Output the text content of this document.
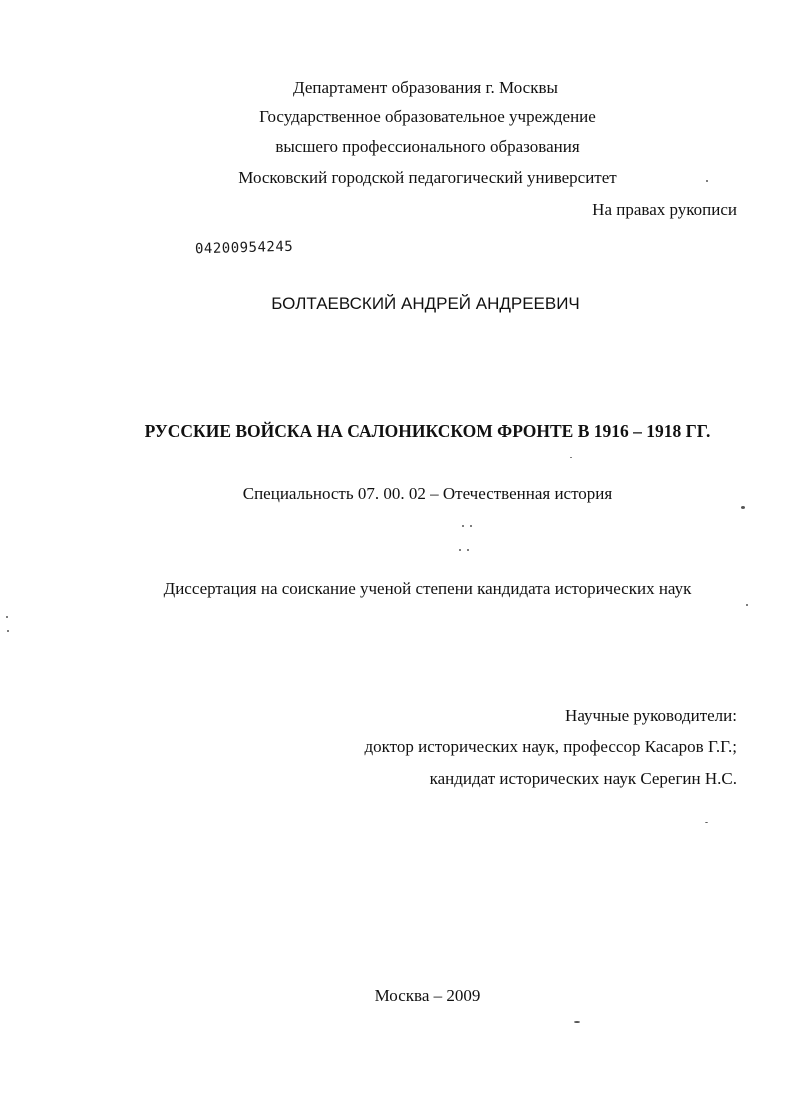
Департамент образования г. Москвы
Государственное образовательное учреждение
высшего профессионального образования
Московский городской педагогический университет
На правах рукописи
04200954245
БОЛТАЕВСКИЙ АНДРЕЙ АНДРЕЕВИЧ
РУССКИЕ ВОЙСКА НА САЛОНИКСКОМ ФРОНТЕ В 1916 – 1918 ГГ.
Специальность 07. 00. 02 – Отечественная история
Диссертация на соискание ученой степени кандидата исторических наук
Научные руководители:
доктор исторических наук, профессор Касаров Г.Г.;
кандидат исторических наук Серегин Н.С.
Москва – 2009
